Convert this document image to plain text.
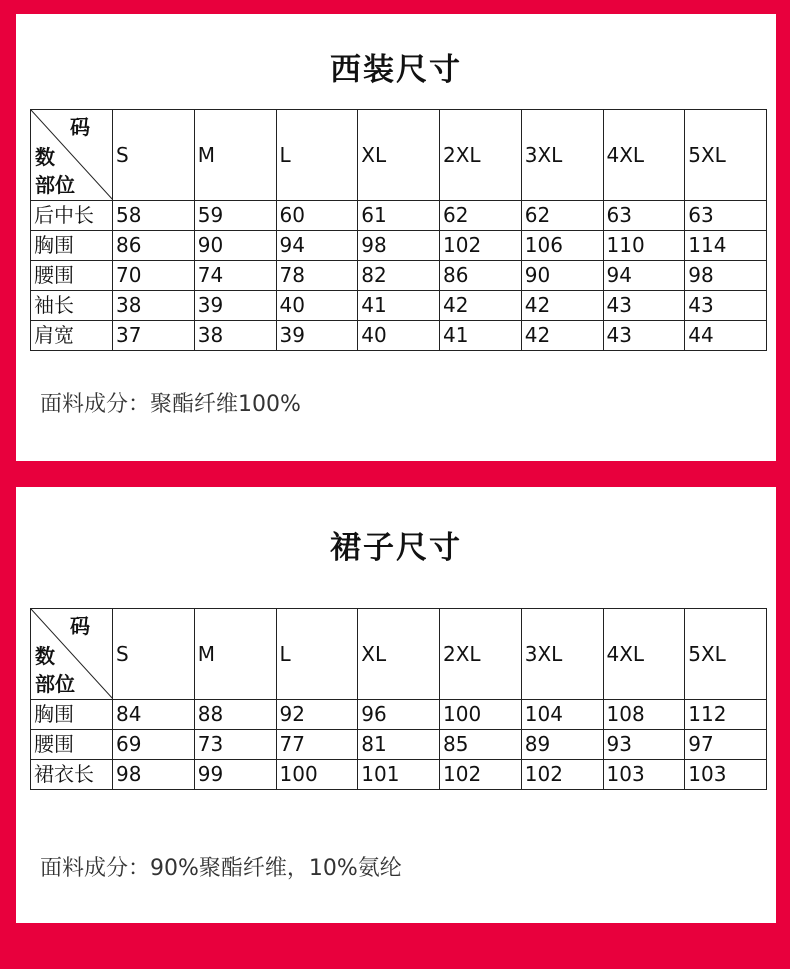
西装尺寸
码
数
部位	S	M	L	XL	2XL	3XL	4XL	5XL
后中长	58	59	60	61	62	62	63	63
胸围	86	90	94	98	102	106	110	114
腰围	70	74	78	82	86	90	94	98
袖长	38	39	40	41	42	42	43	43
肩宽	37	38	39	40	41	42	43	44
面料成分：聚酯纤维100%
裙子尺寸
码
数
部位	S	M	L	XL	2XL	3XL	4XL	5XL
胸围	84	88	92	96	100	104	108	112
腰围	69	73	77	81	85	89	93	97
裙衣长	98	99	100	101	102	102	103	103
面料成分：90%聚酯纤维，10%氨纶
